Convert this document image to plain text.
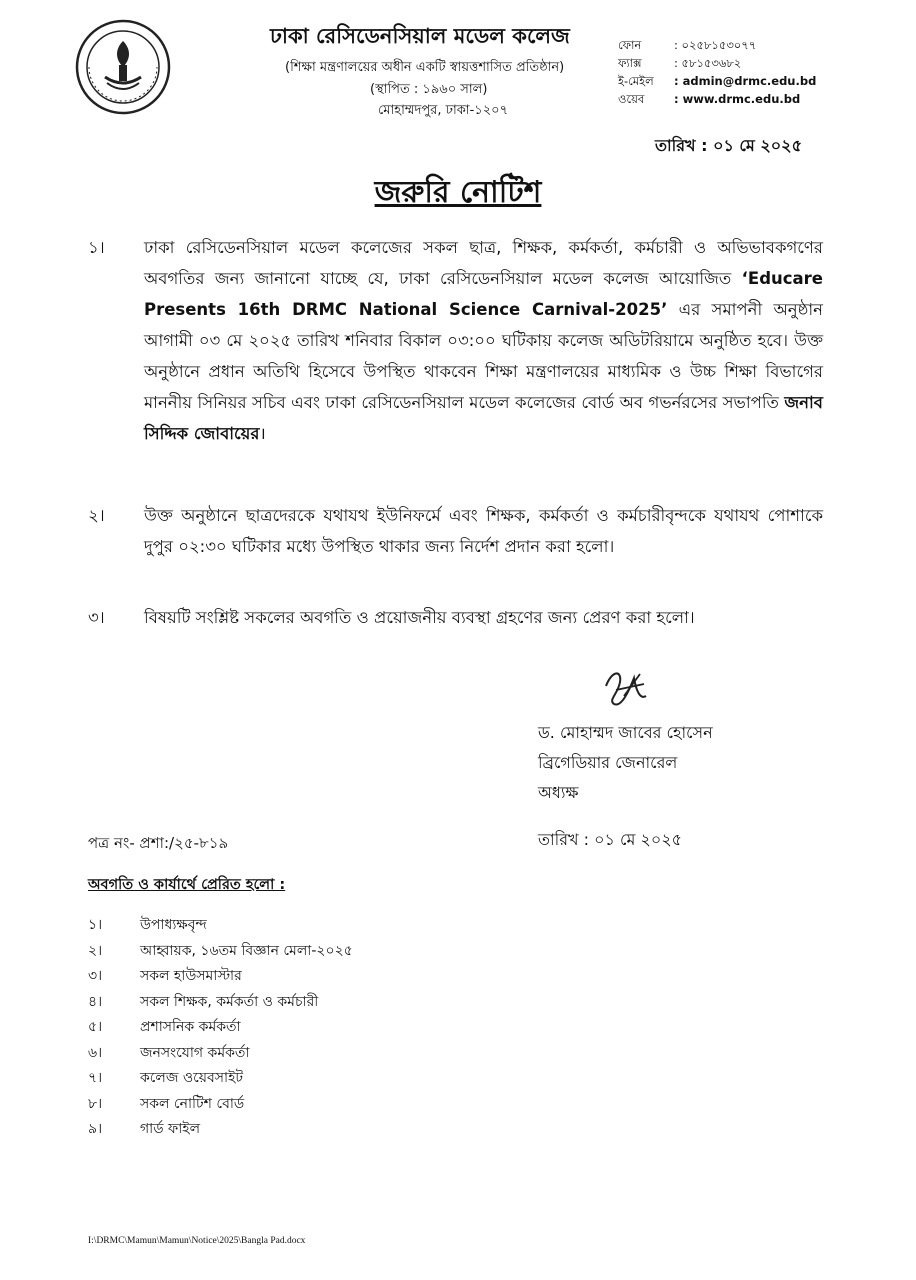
ঢাকা রেসিডেনসিয়াল মডেল কলেজ
(শিক্ষা মন্ত্রণালয়ের অধীন একটি স্বায়ত্তশাসিত প্রতিষ্ঠান)
(স্থাপিত : ১৯৬০ সাল)
মোহাম্মদপুর, ঢাকা-১২০৭
ফোন	: ০২৫৮১৫৩০৭৭
ফ্যাক্স	: ৫৮১৫৩৬৮২
ই-মেইল : admin@drmc.edu.bd
ওয়েব	: www.drmc.edu.bd
তারিখ : ০১ মে ২০২৫
জরুরি নোটিশ
১।	ঢাকা রেসিডেনসিয়াল মডেল কলেজের সকল ছাত্র, শিক্ষক, কর্মকর্তা, কর্মচারী ও অভিভাবকগণের অবগতির জন্য জানানো যাচ্ছে যে, ঢাকা রেসিডেনসিয়াল মডেল কলেজ আয়োজিত ‘Educare Presents 16th DRMC National Science Carnival-2025’ এর সমাপনী অনুষ্ঠান আগামী ০৩ মে ২০২৫ তারিখ শনিবার বিকাল ০৩:০০ ঘটিকায় কলেজ অডিটরিয়ামে অনুষ্ঠিত হবে। উক্ত অনুষ্ঠানে প্রধান অতিথি হিসেবে উপস্থিত থাকবেন শিক্ষা মন্ত্রণালয়ের মাধ্যমিক ও উচ্চ শিক্ষা বিভাগের মাননীয় সিনিয়র সচিব এবং ঢাকা রেসিডেনসিয়াল মডেল কলেজের বোর্ড অব গভর্নরসের সভাপতি জনাব সিদ্দিক জোবায়ের।
২।	উক্ত অনুষ্ঠানে ছাত্রদেরকে যথাযথ ইউনিফর্মে এবং শিক্ষক, কর্মকর্তা ও কর্মচারীবৃন্দকে যথাযথ পোশাকে দুপুর ০২:৩০ ঘটিকার মধ্যে উপস্থিত থাকার জন্য নির্দেশ প্রদান করা হলো।
৩।	বিষয়টি সংশ্লিষ্ট সকলের অবগতি ও প্রয়োজনীয় ব্যবস্থা গ্রহণের জন্য প্রেরণ করা হলো।
ড. মোহাম্মদ জাবের হোসেন
ব্রিগেডিয়ার জেনারেল
অধ্যক্ষ
পত্র নং- প্রশা:/২৫-৮১৯	তারিখ : ০১ মে ২০২৫
অবগতি ও কার্যার্থে প্রেরিত হলো :
১।	উপাধ্যক্ষবৃন্দ
২।	আহ্বায়ক, ১৬তম বিজ্ঞান মেলা-২০২৫
৩।	সকল হাউসমাস্টার
৪।	সকল শিক্ষক, কর্মকর্তা ও কর্মচারী
৫।	প্রশাসনিক কর্মকর্তা
৬।	জনসংযোগ কর্মকর্তা
৭।	কলেজ ওয়েবসাইট
৮।	সকল নোটিশ বোর্ড
৯।	গার্ড ফাইল
I:\DRMC\Mamun\Mamun\Notice\2025\Bangla Pad.docx
